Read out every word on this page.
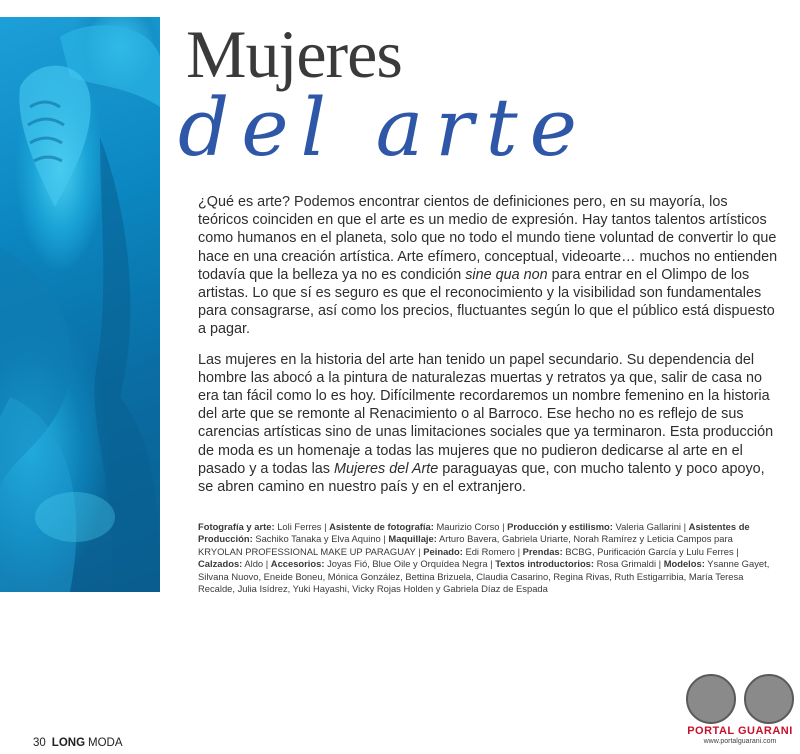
Mujeres
del arte

¿Qué es arte? Podemos encontrar cientos de definiciones pero, en su mayoría, los teóricos coinciden en que el arte es un medio de expresión. Hay tantos talentos artísticos como humanos en el planeta, solo que no todo el mundo tiene voluntad de convertir lo que hace en una creación artística. Arte efímero, conceptual, videoarte… muchos no entienden todavía que la belleza ya no es condición sine qua non para entrar en el Olimpo de los artistas. Lo que sí es seguro es que el reconocimiento y la visibilidad son fundamentales para consagrarse, así como los precios, fluctuantes según lo que el público está dispuesto a pagar.

Las mujeres en la historia del arte han tenido un papel secundario. Su dependencia del hombre las abocó a la pintura de naturalezas muertas y retratos ya que, salir de casa no era tan fácil como lo es hoy. Difícilmente recordaremos un nombre femenino en la historia del arte que se remonte al Renacimiento o al Barroco. Ese hecho no es reflejo de sus carencias artísticas sino de unas limitaciones sociales que ya terminaron. Esta producción de moda es un homenaje a todas las mujeres que no pudieron dedicarse al arte en el pasado y a todas las Mujeres del Arte paraguayas que, con mucho talento y poco apoyo, se abren camino en nuestro país y en el extranjero.

Fotografía y arte: Loli Ferres | Asistente de fotografía: Maurizio Corso | Producción y estilismo: Valeria Gallarini | Asistentes de Producción: Sachiko Tanaka y Elva Aquino | Maquillaje: Arturo Bavera, Gabriela Uriarte, Norah Ramírez y Leticia Campos para KRYOLAN PROFESSIONAL MAKE UP PARAGUAY | Peinado: Edi Romero | Prendas: BCBG, Purificación García y Lulu Ferres | Calzados: Aldo | Accesorios: Joyas Fió, Blue Oile y Orquídea Negra | Textos introductorios: Rosa Grimaldi | Modelos: Ysanne Gayet, Silvana Nuovo, Eneide Boneu, Mónica González, Bettina Brizuela, Claudia Casarino, Regina Rivas, Ruth Estigarribia, María Teresa Recalde, Julia Isídrez, Yuki Hayashi, Vicky Rojas Holden y Gabriela Díaz de Espada

30 LONG MODA
PORTAL GUARANI
www.portalguarani.com
